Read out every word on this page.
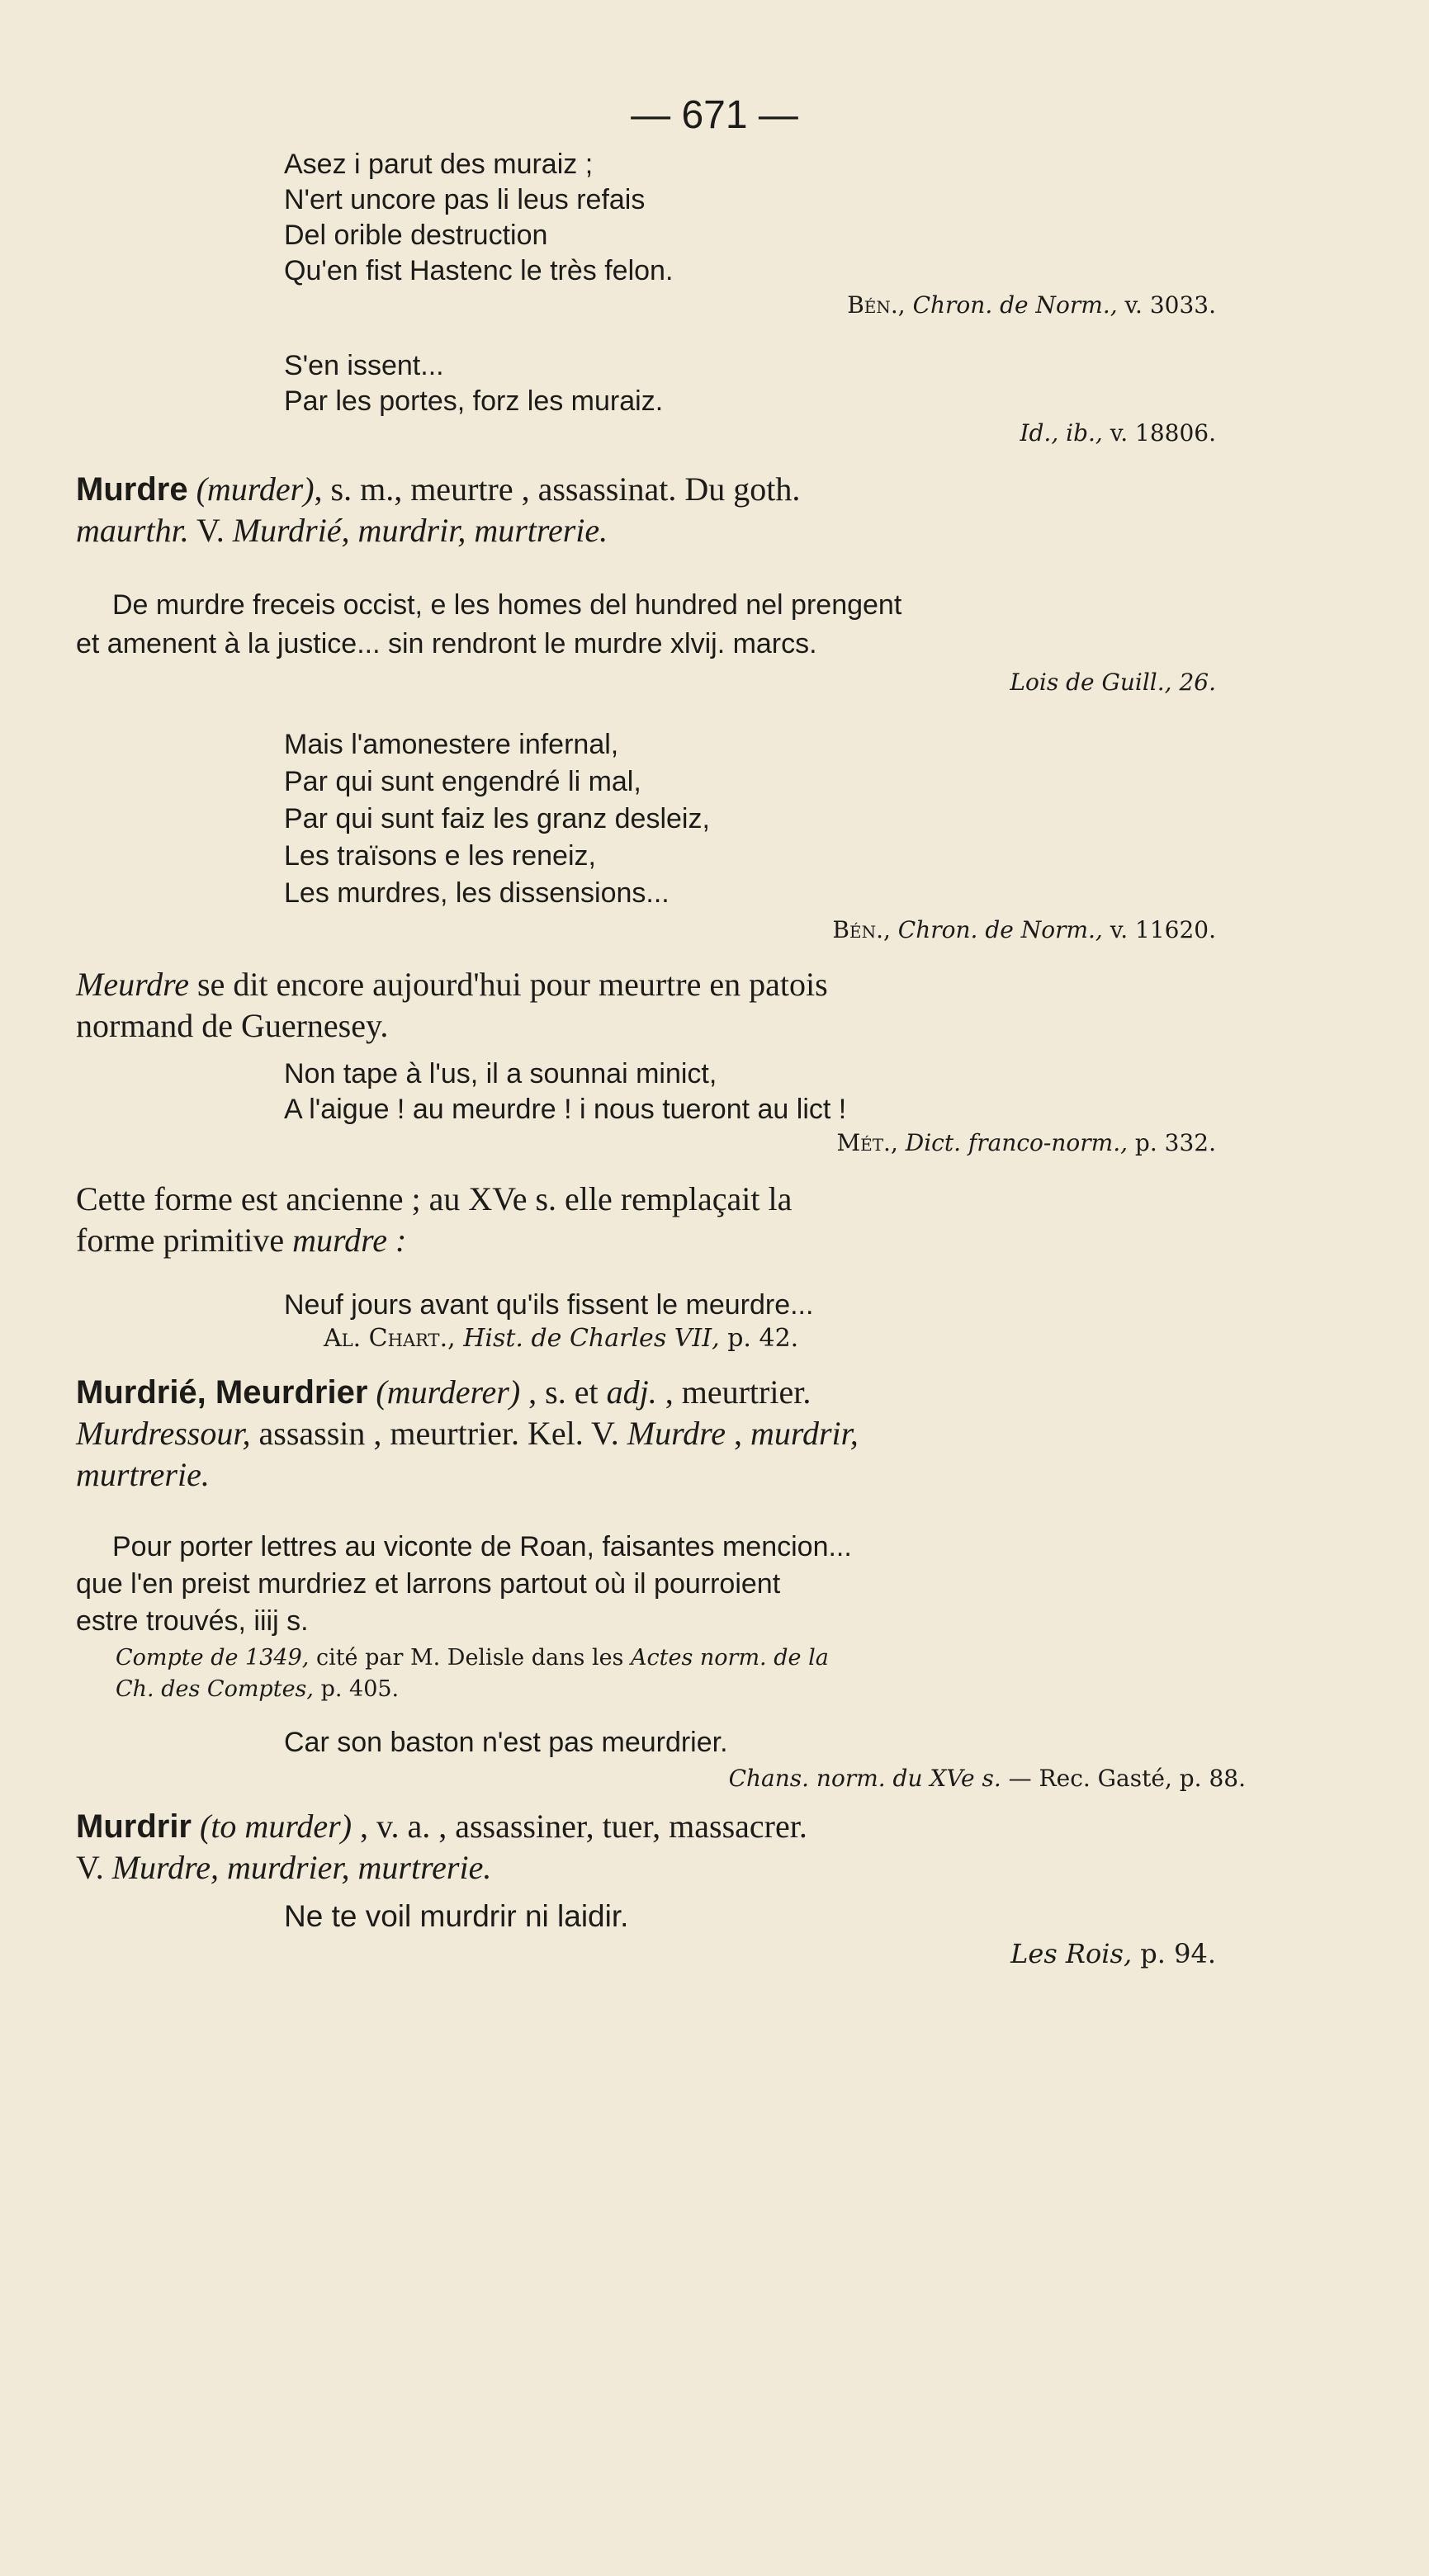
— 671 —
Asez i parut des muraiz ;
N'ert uncore pas li leus refais
Del orible destruction
Qu'en fist Hastenc le très felon.
Bén., Chron. de Norm., v. 3033.
S'en issent...
Par les portes, forz les muraiz.
Id., ib., v. 18806.
Murdre (murder), s. m., meurtre , assassinat. Du goth.
maurthr. V. Murdrié, murdrir, murtrerie.
De murdre freceis occist, e les homes del hundred nel prengent
et amenent à la justice... sin rendront le murdre xlvij. marcs.
Lois de Guill., 26.
Mais l'amonestere infernal,
Par qui sunt engendré li mal,
Par qui sunt faiz les granz desleiz,
Les traïsons e les reneiz,
Les murdres, les dissensions...
Bén., Chron. de Norm., v. 11620.
Meurdre se dit encore aujourd'hui pour meurtre en patois
normand de Guernesey.
Non tape à l'us, il a sounnai minict,
A l'aigue ! au meurdre ! i nous tueront au lict !
Mét., Dict. franco-norm., p. 332.
Cette forme est ancienne ; au XVe s. elle remplaçait la
forme primitive murdre :
Neuf jours avant qu'ils fissent le meurdre...
Al. Chart., Hist. de Charles VII, p. 42.
Murdrié, Meurdrier (murderer) , s. et adj. , meurtrier.
Murdressour, assassin , meurtrier. Kel. V. Murdre , murdrir,
murtrerie.
Pour porter lettres au viconte de Roan, faisantes mencion...
que l'en preist murdriez et larrons partout où il pourroient
estre trouvés, iiij s.
Compte de 1349, cité par M. Delisle dans les Actes norm. de la
Ch. des Comptes, p. 405.
Car son baston n'est pas meurdrier.
Chans. norm. du XVe s. — Rec. Gasté, p. 88.
Murdrir (to murder) , v. a. , assassiner, tuer, massacrer.
V. Murdre, murdrier, murtrerie.
Ne te voil murdrir ni laidir.
Les Rois, p. 94.
